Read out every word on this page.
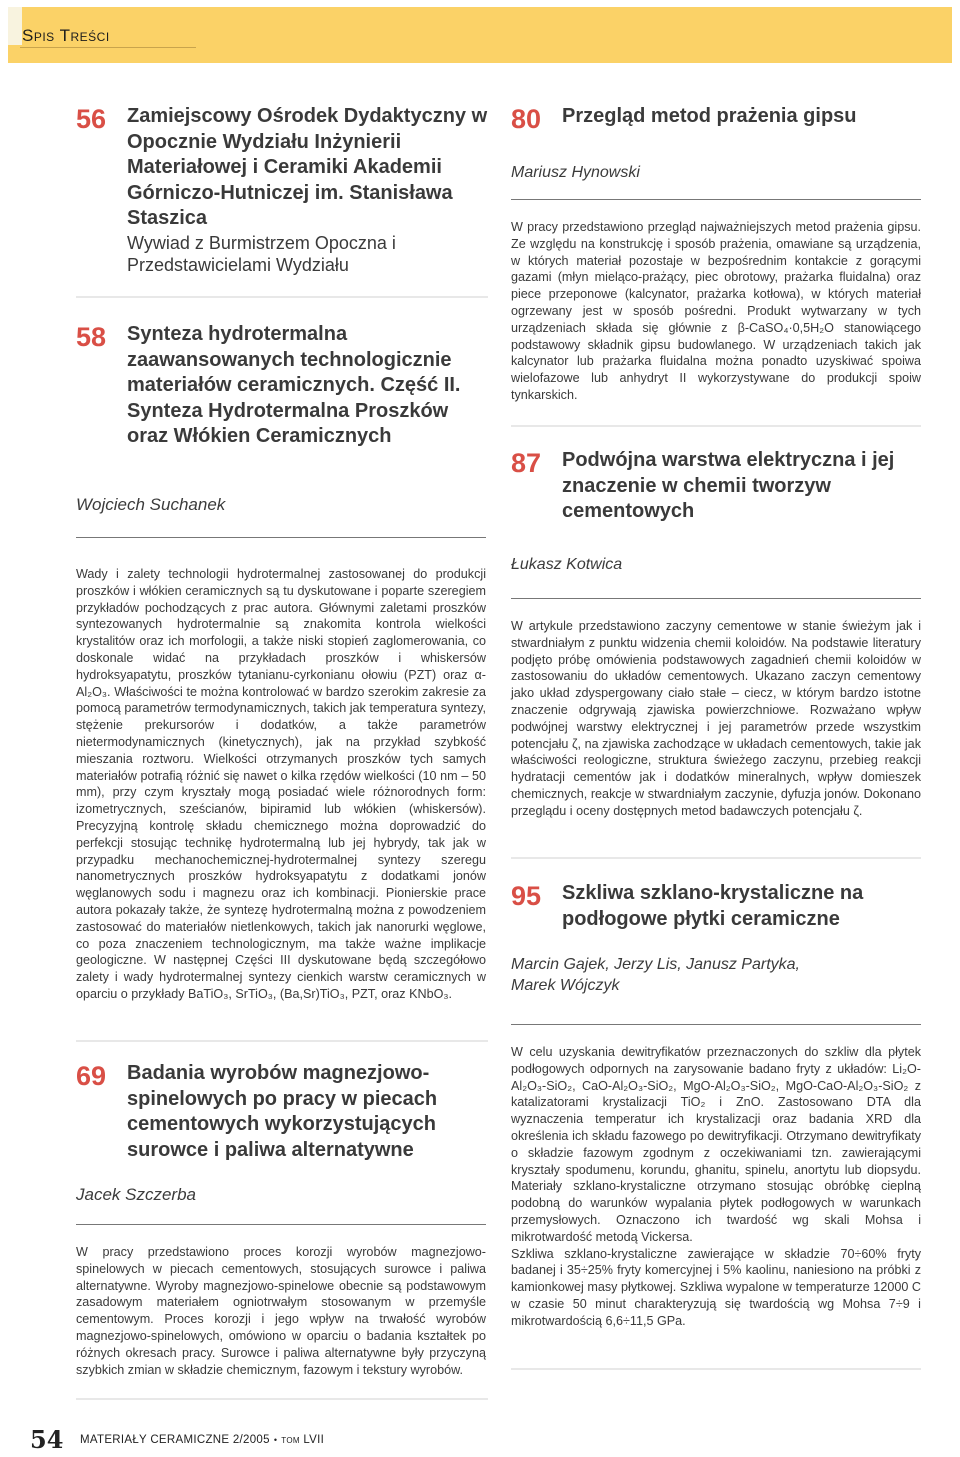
Spis Treści
56 Zamiejscowy Ośrodek Dydaktyczny w Opocznie Wydziału Inżynierii Materiałowej i Ceramiki Akademii Górniczo-Hutniczej im. Stanisława Staszica
Wywiad z Burmistrzem Opoczna i Przedstawicielami Wydziału
58 Synteza hydrotermalna zaawansowanych technologicznie materiałów ceramicznych. Część II. Synteza Hydrotermalna Proszków oraz Włókien Ceramicznych
Wojciech Suchanek
Wady i zalety technologii hydrotermalnej zastosowanej do produkcji proszków i włókien ceramicznych są tu dyskutowane i poparte szeregiem przykładów pochodzących z prac autora. Głównymi zaletami proszków syntezowanych hydrotermalnie są znakomita kontrola wielkości krystalitów oraz ich morfologii, a także niski stopień zaglomerowania, co doskonale widać na przykładach proszków i whiskersów hydroksyapatytu, proszków tytanianu-cyrkonianu ołowiu (PZT) oraz α-Al₂O₃. Właściwości te można kontrolować w bardzo szerokim zakresie za pomocą parametrów termodynamicznych, takich jak temperatura syntezy, stężenie prekursorów i dodatków, a także parametrów nietermodynamicznych (kinetycznych), jak na przykład szybkość mieszania roztworu. Wielkości otrzymanych proszków tych samych materiałów potrafią różnić się nawet o kilka rzędów wielkości (10 nm – 50 mm), przy czym kryształy mogą posiadać wiele różnorodnych form: izometrycznych, sześcianów, bipiramid lub włókien (whiskersów). Precyzyjną kontrolę składu chemicznego można doprowadzić do perfekcji stosując technikę hydrotermalną lub jej hybrydy, tak jak w przypadku mechanochemicznej-hydrotermalnej syntezy szeregu nanometrycznych proszków hydroksyapatytu z dodatkami jonów węglanowych sodu i magnezu oraz ich kombinacji. Pionierskie prace autora pokazały także, że syntezę hydrotermalną można z powodzeniem zastosować do materiałów nietlenkowych, takich jak nanorurki węglowe, co poza znaczeniem technologicznym, ma także ważne implikacje geologiczne. W następnej Części III dyskutowane będą szczegółowo zalety i wady hydrotermalnej syntezy cienkich warstw ceramicznych w oparciu o przykłady BaTiO₃, SrTiO₃, (Ba,Sr)TiO₃, PZT, oraz KNbO₃.
69 Badania wyrobów magnezjowo-spinelowych po pracy w piecach cementowych wykorzystujących surowce i paliwa alternatywne
Jacek Szczerba
W pracy przedstawiono proces korozji wyrobów magnezjowo-spinelowych w piecach cementowych, stosujących surowce i paliwa alternatywne. Wyroby magnezjowo-spinelowe obecnie są podstawowym zasadowym materiałem ogniotrwałym stosowanym w przemyśle cementowym. Proces korozji i jego wpływ na trwałość wyrobów magnezjowo-spinelowych, omówiono w oparciu o badania kształtek po różnych okresach pracy. Surowce i paliwa alternatywne były przyczyną szybkich zmian w składzie chemicznym, fazowym i tekstury wyrobów.
80 Przegląd metod prażenia gipsu
Mariusz Hynowski
W pracy przedstawiono przegląd najważniejszych metod prażenia gipsu. Ze względu na konstrukcję i sposób prażenia, omawiane są urządzenia, w których materiał pozostaje w bezpośrednim kontakcie z gorącymi gazami (młyn mieląco-prażący, piec obrotowy, prażarka fluidalna) oraz piece przeponowe (kalcynator, prażarka kotłowa), w których materiał ogrzewany jest w sposób pośredni. Produkt wytwarzany w tych urządzeniach składa się głównie z β-CaSO₄·0,5H₂O stanowiącego podstawowy składnik gipsu budowlanego. W urządzeniach takich jak kalcynator lub prażarka fluidalna można ponadto uzyskiwać spoiwa wielofazowe lub anhydryt II wykorzystywane do produkcji spoiw tynkarskich.
87 Podwójna warstwa elektryczna i jej znaczenie w chemii tworzyw cementowych
Łukasz Kotwica
W artykule przedstawiono zaczyny cementowe w stanie świeżym jak i stwardniałym z punktu widzenia chemii koloidów. Na podstawie literatury podjęto próbę omówienia podstawowych zagadnień chemii koloidów w zastosowaniu do układów cementowych. Ukazano zaczyn cementowy jako układ zdyspergowany ciało stałe – ciecz, w którym bardzo istotne znaczenie odgrywają zjawiska powierzchniowe. Rozważano wpływ podwójnej warstwy elektrycznej i jej parametrów przede wszystkim potencjału ζ, na zjawiska zachodzące w układach cementowych, takie jak właściwości reologiczne, struktura świeżego zaczynu, przebieg reakcji hydratacji cementów jak i dodatków mineralnych, wpływ domieszek chemicznych, reakcje w stwardniałym zaczynie, dyfuzja jonów. Dokonano przeglądu i oceny dostępnych metod badawczych potencjału ζ.
95 Szkliwa szklano-krystaliczne na podłogowe płytki ceramiczne
Marcin Gajek, Jerzy Lis, Janusz Partyka,
Marek Wójczyk
W celu uzyskania dewitryfikatów przeznaczonych do szkliw dla płytek podłogowych odpornych na zarysowanie badano fryty z układów: Li₂O-Al₂O₃-SiO₂, CaO-Al₂O₃-SiO₂, MgO-Al₂O₃-SiO₂, MgO-CaO-Al₂O₃-SiO₂ z katalizatorami krystalizacji TiO₂ i ZnO. Zastosowano DTA dla wyznaczenia temperatur ich krystalizacji oraz badania XRD dla określenia ich składu fazowego po dewitryfikacji. Otrzymano dewitryfikaty o składzie fazowym zgodnym z oczekiwaniami tzn. zawierającymi kryształy spodumenu, korundu, ghanitu, spinelu, anortytu lub diopsydu. Materiały szklano-krystaliczne otrzymano stosując obróbkę cieplną podobną do warunków wypalania płytek podłogowych w warunkach przemysłowych. Oznaczono ich twardość wg skali Mohsa i mikrotwardość metodą Vickersa.
Szkliwa szklano-krystaliczne zawierające w składzie 70÷60% fryty badanej i 35÷25% fryty komercyjnej i 5% kaolinu, naniesiono na próbki z kamionkowej masy płytkowej. Szkliwa wypalone w temperaturze 12000 C w czasie 50 minut charakteryzują się twardością wg Mohsa 7÷9 i mikrotwardością 6,6÷11,5 GPa.
54 MATERIAŁY CERAMICZNE 2/2005 • TOM LVII
